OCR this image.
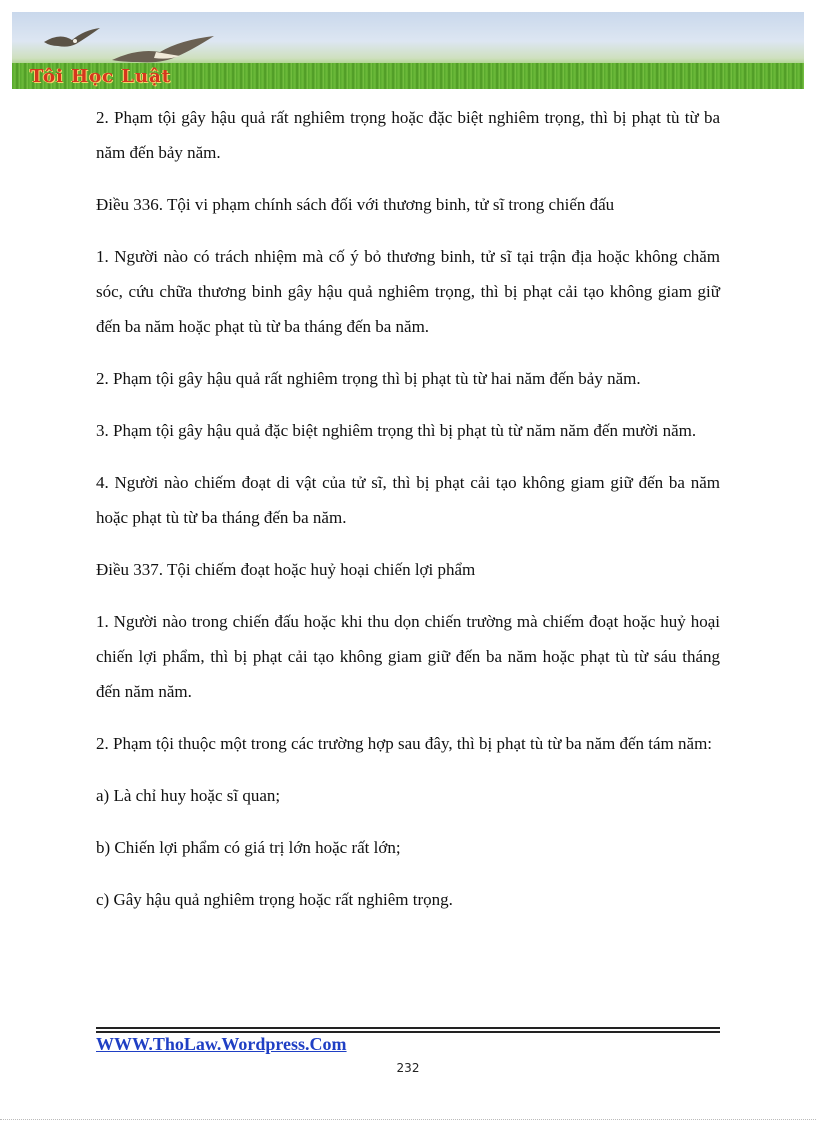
Tôi Học Luật

2. Phạm tội gây hậu quả rất nghiêm trọng hoặc đặc biệt nghiêm trọng, thì bị phạt tù từ ba năm đến bảy năm.

Điều 336. Tội vi phạm chính sách đối với thương binh, tử sĩ trong chiến đấu

1. Người nào có trách nhiệm mà cố ý bỏ thương binh, tử sĩ tại trận địa hoặc không chăm sóc, cứu chữa thương binh gây hậu quả nghiêm trọng, thì bị phạt cải tạo không giam giữ đến ba năm hoặc phạt tù từ ba tháng đến ba năm.

2. Phạm tội gây hậu quả rất nghiêm trọng thì bị phạt tù từ hai năm đến bảy năm.

3. Phạm tội gây hậu quả đặc biệt nghiêm trọng thì bị phạt tù từ năm năm đến mười năm.

4. Người nào chiếm đoạt di vật của tử sĩ, thì bị phạt cải tạo không giam giữ đến ba năm hoặc phạt tù từ ba tháng đến ba năm.

Điều 337. Tội chiếm đoạt hoặc huỷ hoại chiến lợi phẩm

1. Người nào trong chiến đấu hoặc khi thu dọn chiến trường mà chiếm đoạt hoặc huỷ hoại chiến lợi phẩm, thì bị phạt cải tạo không giam giữ đến ba năm hoặc phạt tù từ sáu tháng đến năm năm.

2. Phạm tội thuộc một trong các trường hợp sau đây, thì bị phạt tù từ ba năm đến tám năm:

a) Là chỉ huy hoặc sĩ quan;

b) Chiến lợi phẩm có giá trị lớn hoặc rất lớn;

c) Gây hậu quả nghiêm trọng hoặc rất nghiêm trọng.

WWW.ThoLaw.Wordpress.Com
232
